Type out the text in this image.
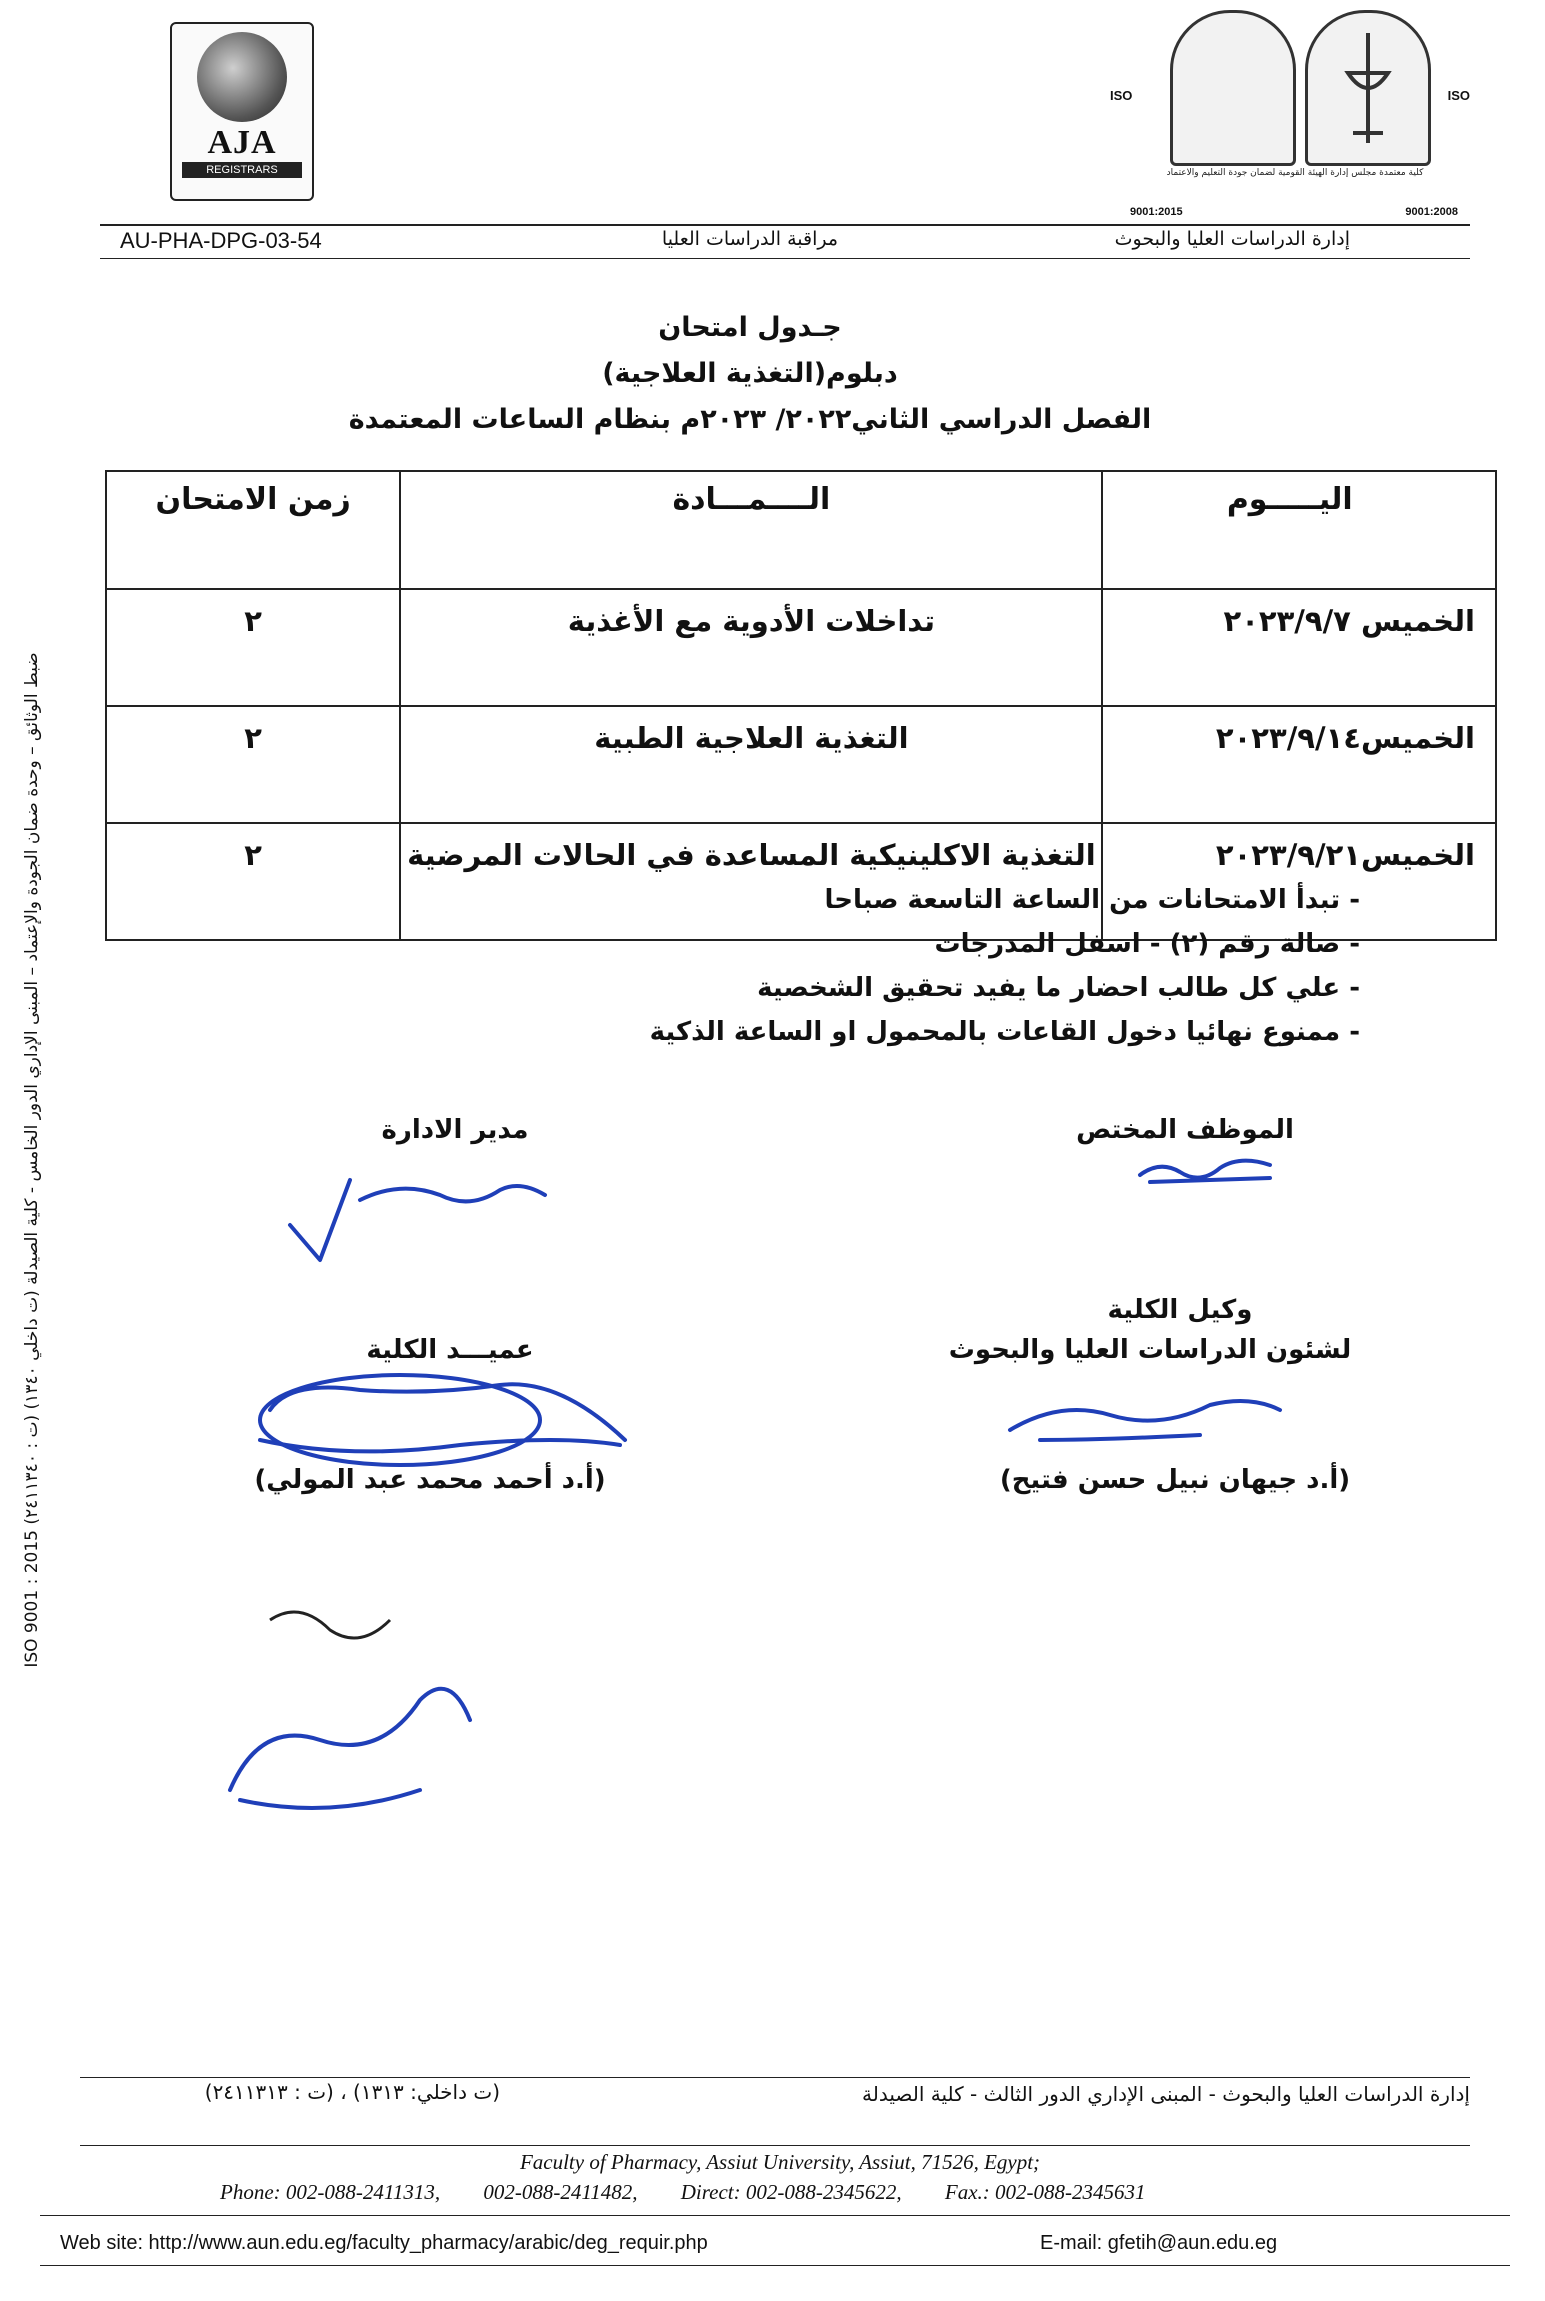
AJA
REGISTRARS
ISO	ISO
كلية معتمدة مجلس إدارة الهيئة القومية لضمان جودة التعليم والاعتماد
9001:2015	9001:2008
AU-PHA-DPG-03-54	مراقبة الدراسات العليا	إدارة الدراسات العليا والبحوث
جـدول امتحان
دبلوم(التغذية العلاجية)
الفصل الدراسي الثاني٢٠٢٢/ ٢٠٢٣م بنظام الساعات المعتمدة
اليـــــوم	الــــمـــادة	زمن الامتحان
الخميس ٢٠٢٣/٩/٧	تداخلات الأدوية مع الأغذية	٢
الخميس٢٠٢٣/٩/١٤	التغذية العلاجية الطبية	٢
الخميس٢٠٢٣/٩/٢١	التغذية الاكلينيكية المساعدة في الحالات المرضية	٢
- تبدأ الامتحانات من الساعة التاسعة صباحا
- صالة رقم (٢) - اسفل المدرجات
- علي كل طالب احضار ما يفيد تحقيق الشخصية
- ممنوع نهائيا دخول القاعات بالمحمول او الساعة الذكية
الموظف المختص
مدير الادارة
وكيل الكلية
لشئون الدراسات العليا والبحوث
عميـــد الكلية
(أ.د جيهان نبيل حسن فتيح)
(أ.د أحمد محمد عبد المولي)
ضبط الوثائق – وحدة ضمان الجودة والإعتماد – المبنى الإداري الدور الخامس - كلية الصيدلة (ت داخلي ١٣٤٠) (ت : ٢٤١١٣٤٠) ISO 9001 : 2015
إدارة الدراسات العليا والبحوث - المبنى الإداري الدور الثالث - كلية الصيدلة
(ت داخلي: ١٣١٣) ، (ت : ٢٤١١٣١٣)
Faculty of Pharmacy, Assiut University, Assiut, 71526, Egypt;
Phone: 002-088-2411313, 002-088-2411482, Direct: 002-088-2345622, Fax.: 002-088-2345631
Web site: http://www.aun.edu.eg/faculty_pharmacy/arabic/deg_requir.php	E-mail: gfetih@aun.edu.eg
